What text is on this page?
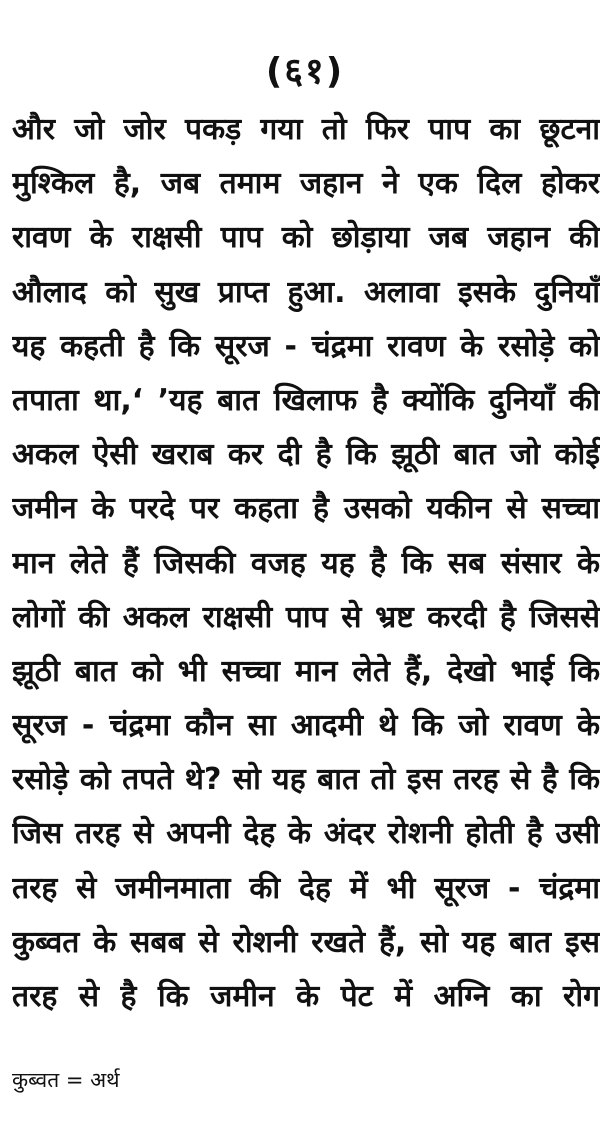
(६१)
और जो जोर पकड़ गया तो फिर पाप का छूटना
मुश्किल है, जब तमाम जहान ने एक दिल होकर
रावण के राक्षसी पाप को छोड़ाया जब जहान की
औलाद को सुख प्राप्त हुआ. अलावा इसके दुनियाँ
यह कहती है कि सूरज - चंद्रमा रावण के रसोड़े को
तपाता था,‘ ’यह बात खिलाफ है क्योंकि दुनियाँ की
अकल ऐसी खराब कर दी है कि झूठी बात जो कोई
जमीन के परदे पर कहता है उसको यकीन से सच्चा
मान लेते हैं जिसकी वजह यह है कि सब संसार के
लोगों की अकल राक्षसी पाप से भ्रष्ट करदी है जिससे
झूठी बात को भी सच्चा मान लेते हैं, देखो भाई कि
सूरज - चंद्रमा कौन सा आदमी थे कि जो रावण के
रसोड़े को तपते थे? सो यह बात तो इस तरह से है कि
जिस तरह से अपनी देह के अंदर रोशनी होती है उसी
तरह से जमीनमाता की देह में भी सूरज - चंद्रमा
कुब्वत के सबब से रोशनी रखते हैं, सो यह बात इस
तरह से है कि जमीन के पेट में अग्नि का रोग
कुब्वत = अर्थ
